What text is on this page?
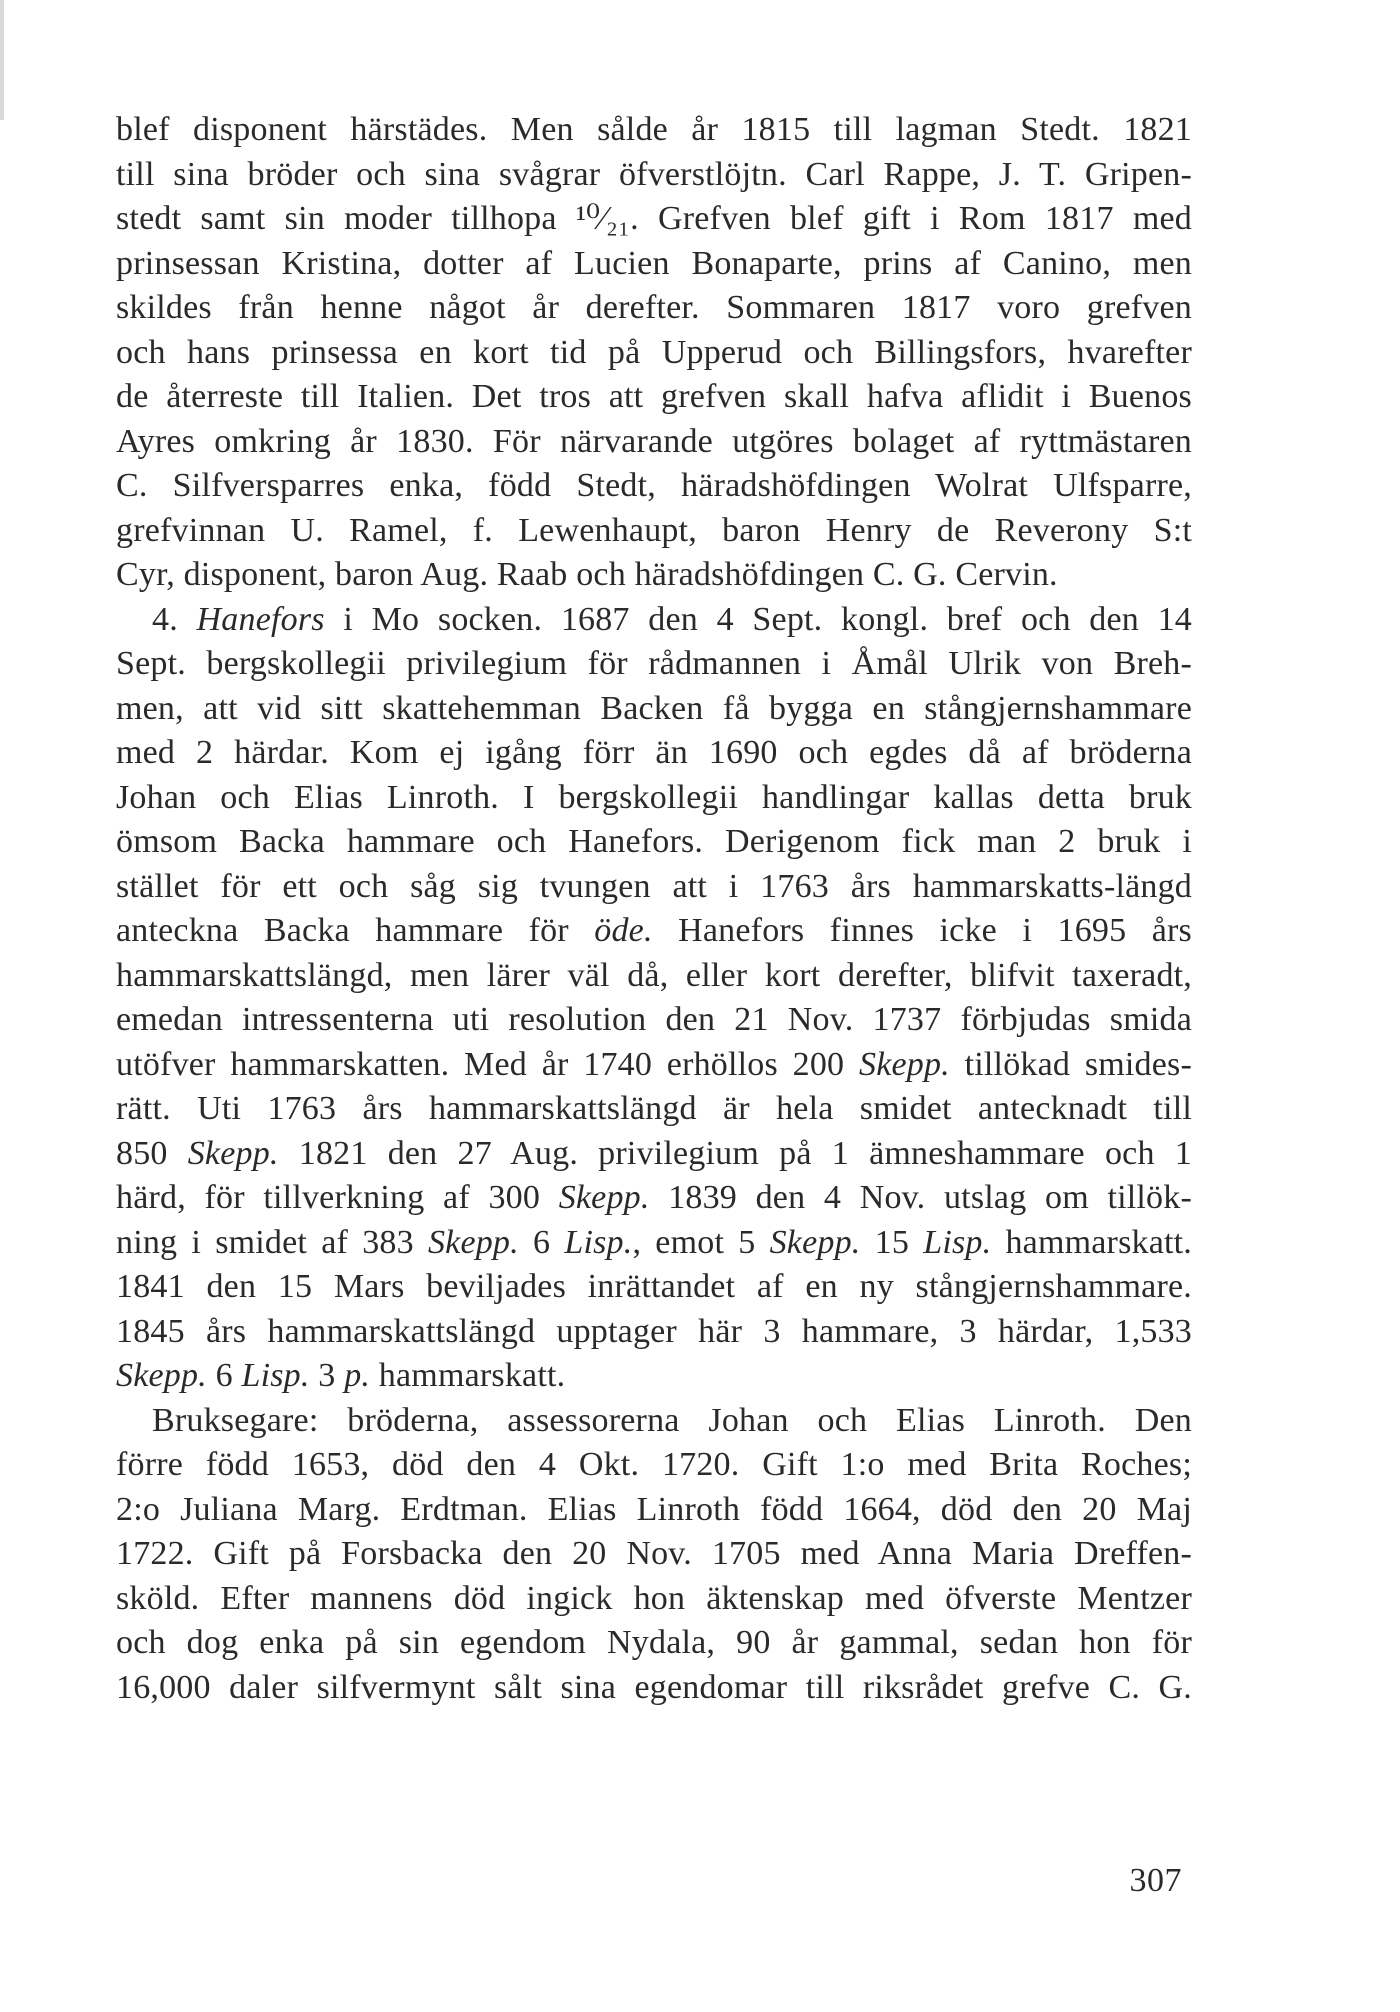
blef disponent härstädes. Men sålde år 1815 till lagman Stedt. 1821
till sina bröder och sina svågrar öfverstlöjtn. Carl Rappe, J. T. Gripen-
stedt samt sin moder tillhopa ¹⁰⁄₂₁. Grefven blef gift i Rom 1817 med
prinsessan Kristina, dotter af Lucien Bonaparte, prins af Canino, men
skildes från henne något år derefter. Sommaren 1817 voro grefven
och hans prinsessa en kort tid på Upperud och Billingsfors, hvarefter
de återreste till Italien. Det tros att grefven skall hafva aflidit i Buenos
Ayres omkring år 1830. För närvarande utgöres bolaget af ryttmästaren
C. Silfversparres enka, född Stedt, häradshöfdingen Wolrat Ulfsparre,
grefvinnan U. Ramel, f. Lewenhaupt, baron Henry de Reverony S:t
Cyr, disponent, baron Aug. Raab och häradshöfdingen C. G. Cervin.
4. Hanefors i Mo socken. 1687 den 4 Sept. kongl. bref och den 14
Sept. bergskollegii privilegium för rådmannen i Åmål Ulrik von Breh-
men, att vid sitt skattehemman Backen få bygga en stångjernshammare
med 2 härdar. Kom ej igång förr än 1690 och egdes då af bröderna
Johan och Elias Linroth. I bergskollegii handlingar kallas detta bruk
ömsom Backa hammare och Hanefors. Derigenom fick man 2 bruk i
stället för ett och såg sig tvungen att i 1763 års hammarskatts-längd
anteckna Backa hammare för öde. Hanefors finnes icke i 1695 års
hammarskattslängd, men lärer väl då, eller kort derefter, blifvit taxeradt,
emedan intressenterna uti resolution den 21 Nov. 1737 förbjudas smida
utöfver hammarskatten. Med år 1740 erhöllos 200 Skepp. tillökad smides-
rätt. Uti 1763 års hammarskattslängd är hela smidet antecknadt till
850 Skepp. 1821 den 27 Aug. privilegium på 1 ämneshammare och 1
härd, för tillverkning af 300 Skepp. 1839 den 4 Nov. utslag om tillök-
ning i smidet af 383 Skepp. 6 Lisp., emot 5 Skepp. 15 Lisp. hammarskatt.
1841 den 15 Mars beviljades inrättandet af en ny stångjernshammare.
1845 års hammarskattslängd upptager här 3 hammare, 3 härdar, 1,533
Skepp. 6 Lisp. 3 p. hammarskatt.
Bruksegare: bröderna, assessorerna Johan och Elias Linroth. Den
förre född 1653, död den 4 Okt. 1720. Gift 1:o med Brita Roches;
2:o Juliana Marg. Erdtman. Elias Linroth född 1664, död den 20 Maj
1722. Gift på Forsbacka den 20 Nov. 1705 med Anna Maria Dreffen-
sköld. Efter mannens död ingick hon äktenskap med öfverste Mentzer
och dog enka på sin egendom Nydala, 90 år gammal, sedan hon för
16,000 daler silfvermynt sålt sina egendomar till riksrådet grefve C. G.
307
